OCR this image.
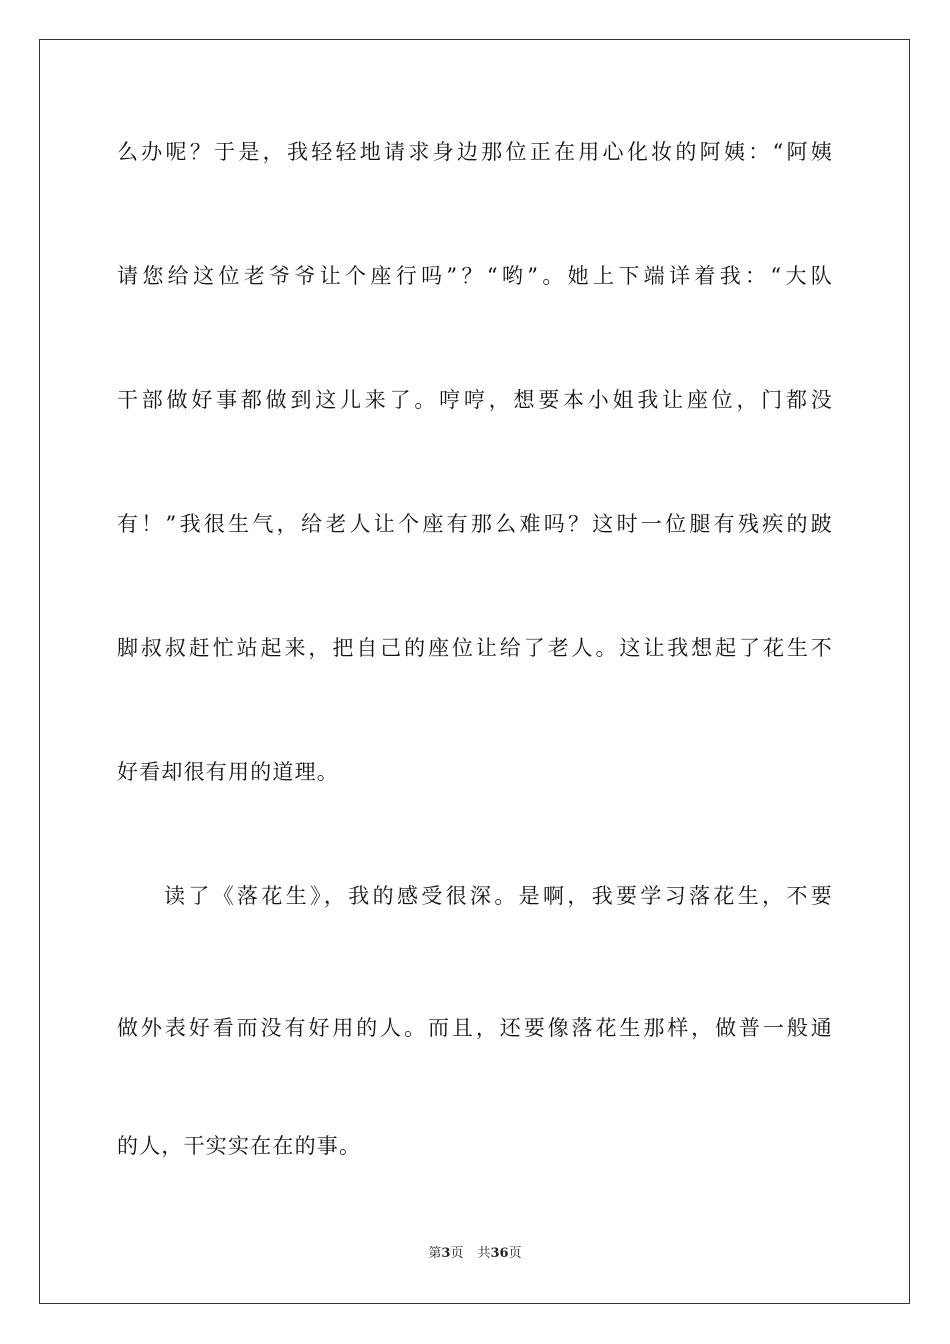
么办呢？于是，我轻轻地请求身边那位正在用心化妆的阿姨：“阿姨
请您给这位老爷爷让个座行吗”？“哟”。她上下端详着我：“大队
干部做好事都做到这儿来了。哼哼，想要本小姐我让座位，门都没
有！”我很生气，给老人让个座有那么难吗？这时一位腿有残疾的跛
脚叔叔赶忙站起来，把自己的座位让给了老人。这让我想起了花生不
好看却很有用的道理。
读了《落花生》，我的感受很深。是啊，我要学习落花生，不要
做外表好看而没有好用的人。而且，还要像落花生那样，做普一般通
的人，干实实在在的事。
第3页 共36页
